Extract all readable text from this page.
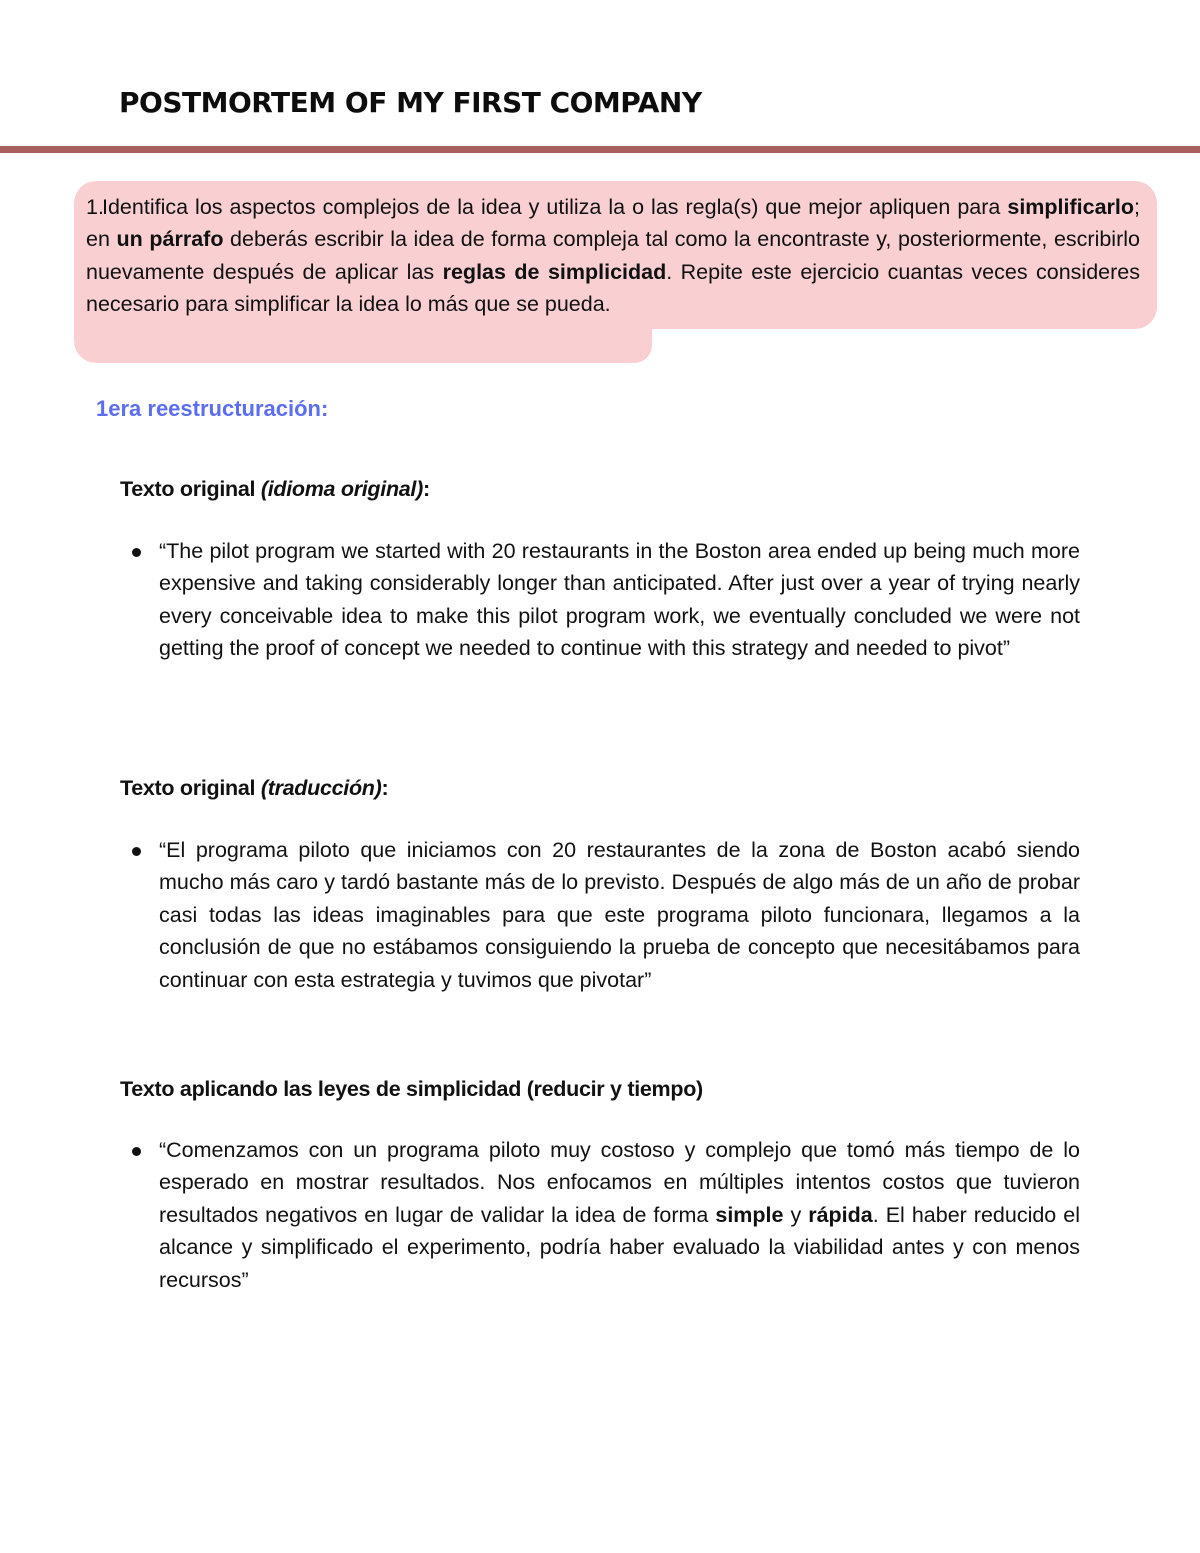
POSTMORTEM OF MY FIRST COMPANY

1.Identifica los aspectos complejos de la idea y utiliza la o las regla(s) que mejor apliquen para simplificarlo; en un párrafo deberás escribir la idea de forma compleja tal como la encontraste y, posteriormente, escribirlo nuevamente después de aplicar las reglas de simplicidad. Repite este ejercicio cuantas veces consideres necesario para simplificar la idea lo más que se pueda.

1era reestructuración:
Texto original (idioma original):

“The pilot program we started with 20 restaurants in the Boston area ended up being much more expensive and taking considerably longer than anticipated. After just over a year of trying nearly every conceivable idea to make this pilot program work, we eventually concluded we were not getting the proof of concept we needed to continue with this strategy and needed to pivot”

Texto original (traducción):

“El programa piloto que iniciamos con 20 restaurantes de la zona de Boston acabó siendo mucho más caro y tardó bastante más de lo previsto. Después de algo más de un año de probar casi todas las ideas imaginables para que este programa piloto funcionara, llegamos a la conclusión de que no estábamos consiguiendo la prueba de concepto que necesitábamos para continuar con esta estrategia y tuvimos que pivotar”

Texto aplicando las leyes de simplicidad (reducir y tiempo)

“Comenzamos con un programa piloto muy costoso y complejo que tomó más tiempo de lo esperado en mostrar resultados. Nos enfocamos en múltiples intentos costos que tuvieron resultados negativos en lugar de validar la idea de forma simple y rápida. El haber reducido el alcance y simplificado el experimento, podría haber evaluado la viabilidad antes y con menos recursos”
